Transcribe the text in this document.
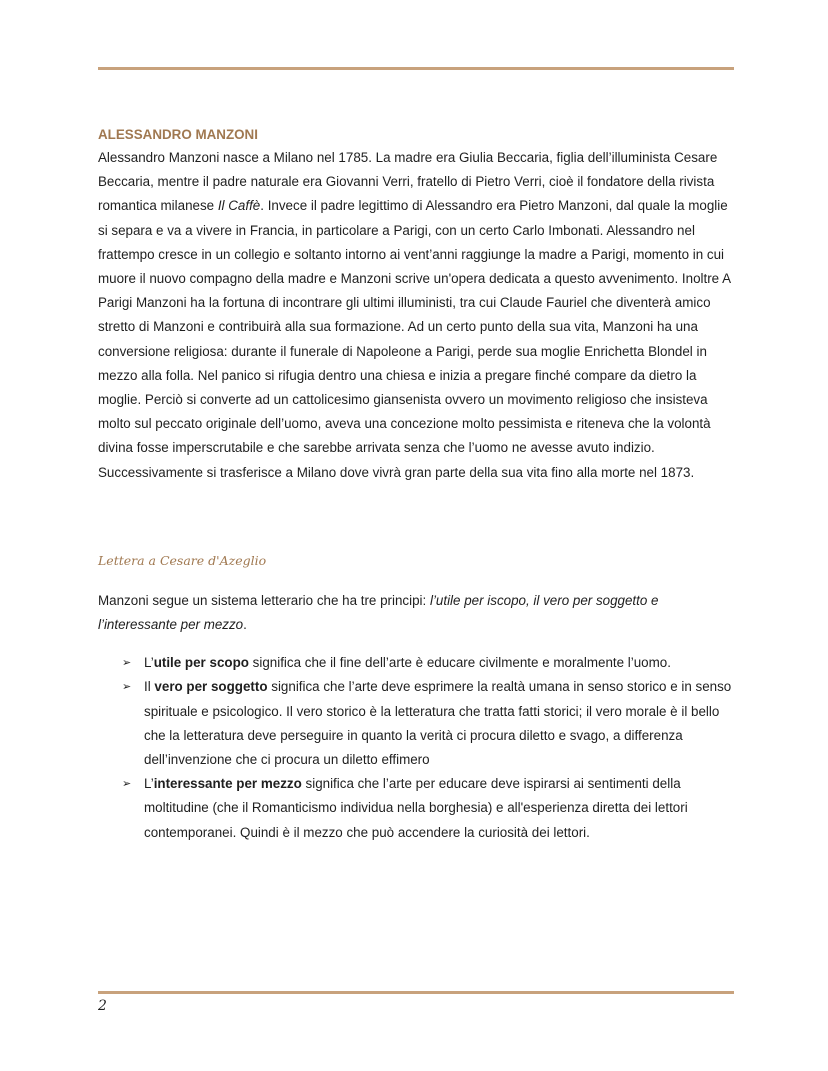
ALESSANDRO MANZONI

Alessandro Manzoni nasce a Milano nel 1785. La madre era Giulia Beccaria, figlia dell’illuminista Cesare Beccaria, mentre il padre naturale era Giovanni Verri, fratello di Pietro Verri, cioè il fondatore della rivista romantica milanese Il Caffè. Invece il padre legittimo di Alessandro era Pietro Manzoni, dal quale la moglie si separa e va a vivere in Francia, in particolare a Parigi, con un certo Carlo Imbonati. Alessandro nel frattempo cresce in un collegio e soltanto intorno ai vent’anni raggiunge la madre a Parigi, momento in cui muore il nuovo compagno della madre e Manzoni scrive un'opera dedicata a questo avvenimento. Inoltre A Parigi Manzoni ha la fortuna di incontrare gli ultimi illuministi, tra cui Claude Fauriel che diventerà amico stretto di Manzoni e contribuirà alla sua formazione. Ad un certo punto della sua vita, Manzoni ha una conversione religiosa: durante il funerale di Napoleone a Parigi, perde sua moglie Enrichetta Blondel in mezzo alla folla. Nel panico si rifugia dentro una chiesa e inizia a pregare finché compare da dietro la moglie. Perciò si converte ad un cattolicesimo giansenista ovvero un movimento religioso che insisteva molto sul peccato originale dell’uomo, aveva una concezione molto pessimista e riteneva che la volontà divina fosse imperscrutabile e che sarebbe arrivata senza che l’uomo ne avesse avuto indizio. Successivamente si trasferisce a Milano dove vivrà gran parte della sua vita fino alla morte nel 1873.

Lettera a Cesare d'Azeglio

Manzoni segue un sistema letterario che ha tre principi: l’utile per iscopo, il vero per soggetto e l’interessante per mezzo.

➢ L’utile per scopo significa che il fine dell’arte è educare civilmente e moralmente l’uomo.
➢ Il vero per soggetto significa che l’arte deve esprimere la realtà umana in senso storico e in senso spirituale e psicologico. Il vero storico è la letteratura che tratta fatti storici; il vero morale è il bello che la letteratura deve perseguire in quanto la verità ci procura diletto e svago, a differenza dell’invenzione che ci procura un diletto effimero
➢ L’interessante per mezzo significa che l’arte per educare deve ispirarsi ai sentimenti della moltitudine (che il Romanticismo individua nella borghesia) e all'esperienza diretta dei lettori contemporanei. Quindi è il mezzo che può accendere la curiosità dei lettori.
2
